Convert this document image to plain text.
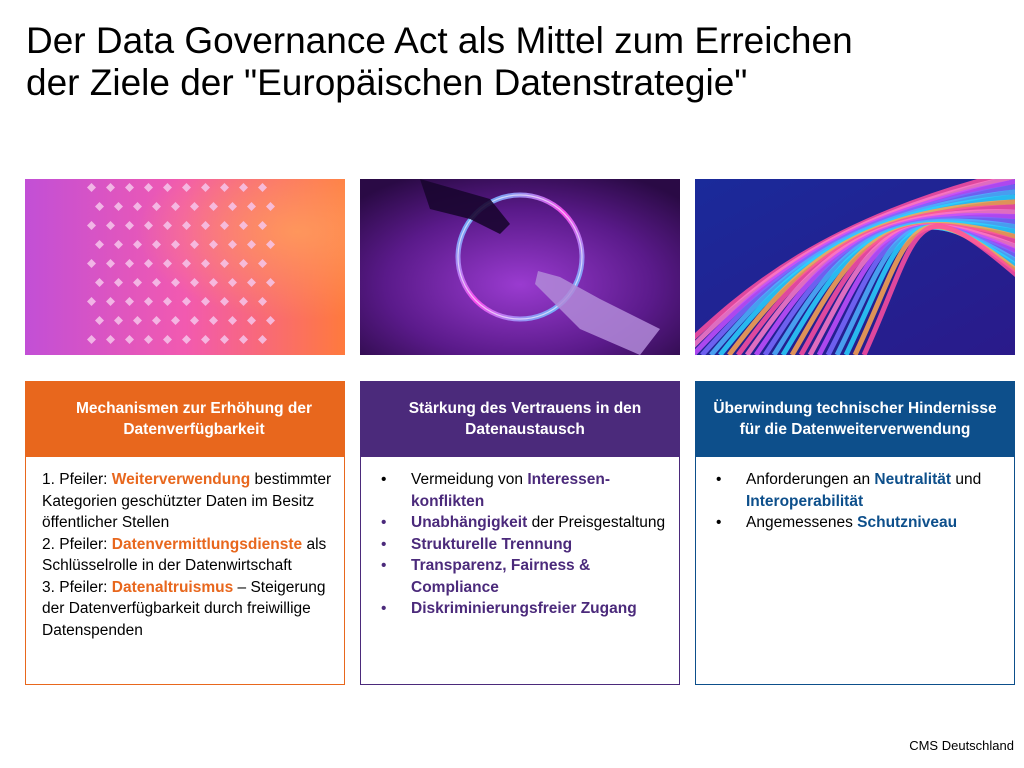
Der Data Governance Act als Mittel zum Erreichen
der Ziele der "Europäischen Datenstrategie"
Mechanismen zur Erhöhung der Datenverfügbarkeit

1. Pfeiler: Weiterverwendung bestimmter Kategorien geschützter Daten im Besitz öffentlicher Stellen

2. Pfeiler: Datenvermittlungsdienste als Schlüsselrolle in der Datenwirtschaft

3. Pfeiler: Datenaltruismus – Steigerung der Datenverfügbarkeit durch freiwillige Datenspenden

Stärkung des Vertrauens in den Datenaustausch
• Vermeidung von Interessen-konflikten
• Unabhängigkeit der Preisgestaltung
• Strukturelle Trennung
• Transparenz, Fairness & Compliance
• Diskriminierungsfreier Zugang
Überwindung technischer Hindernisse für die Datenweiterverwendung
• Anforderungen an Neutralität und Interoperabilität
• Angemessenes Schutzniveau
CMS Deutschland
